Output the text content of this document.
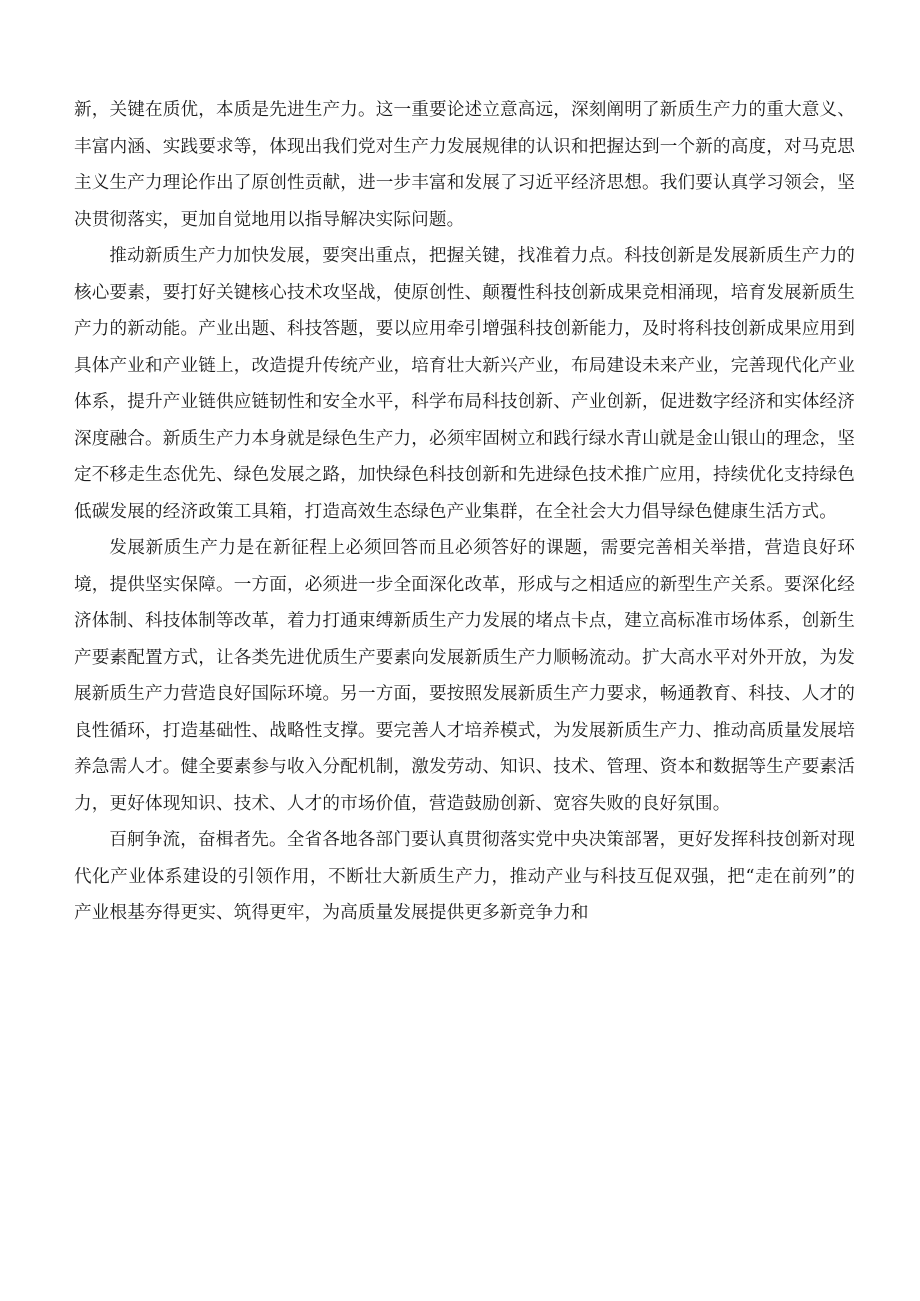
新，关键在质优，本质是先进生产力。这一重要论述立意高远，深刻阐明了新质生产力的重大意义、丰富内涵、实践要求等，体现出我们党对生产力发展规律的认识和把握达到一个新的高度，对马克思主义生产力理论作出了原创性贡献，进一步丰富和发展了习近平经济思想。我们要认真学习领会，坚决贯彻落实，更加自觉地用以指导解决实际问题。

推动新质生产力加快发展，要突出重点，把握关键，找准着力点。科技创新是发展新质生产力的核心要素，要打好关键核心技术攻坚战，使原创性、颠覆性科技创新成果竞相涌现，培育发展新质生产力的新动能。产业出题、科技答题，要以应用牵引增强科技创新能力，及时将科技创新成果应用到具体产业和产业链上，改造提升传统产业，培育壮大新兴产业，布局建设未来产业，完善现代化产业体系，提升产业链供应链韧性和安全水平，科学布局科技创新、产业创新，促进数字经济和实体经济深度融合。新质生产力本身就是绿色生产力，必须牢固树立和践行绿水青山就是金山银山的理念，坚定不移走生态优先、绿色发展之路，加快绿色科技创新和先进绿色技术推广应用，持续优化支持绿色低碳发展的经济政策工具箱，打造高效生态绿色产业集群，在全社会大力倡导绿色健康生活方式。

发展新质生产力是在新征程上必须回答而且必须答好的课题，需要完善相关举措，营造良好环境，提供坚实保障。一方面，必须进一步全面深化改革，形成与之相适应的新型生产关系。要深化经济体制、科技体制等改革，着力打通束缚新质生产力发展的堵点卡点，建立高标准市场体系，创新生产要素配置方式，让各类先进优质生产要素向发展新质生产力顺畅流动。扩大高水平对外开放，为发展新质生产力营造良好国际环境。另一方面，要按照发展新质生产力要求，畅通教育、科技、人才的良性循环，打造基础性、战略性支撑。要完善人才培养模式，为发展新质生产力、推动高质量发展培养急需人才。健全要素参与收入分配机制，激发劳动、知识、技术、管理、资本和数据等生产要素活力，更好体现知识、技术、人才的市场价值，营造鼓励创新、宽容失败的良好氛围。

百舸争流，奋楫者先。全省各地各部门要认真贯彻落实党中央决策部署，更好发挥科技创新对现代化产业体系建设的引领作用，不断壮大新质生产力，推动产业与科技互促双强，把“走在前列”的产业根基夯得更实、筑得更牢，为高质量发展提供更多新竞争力和
